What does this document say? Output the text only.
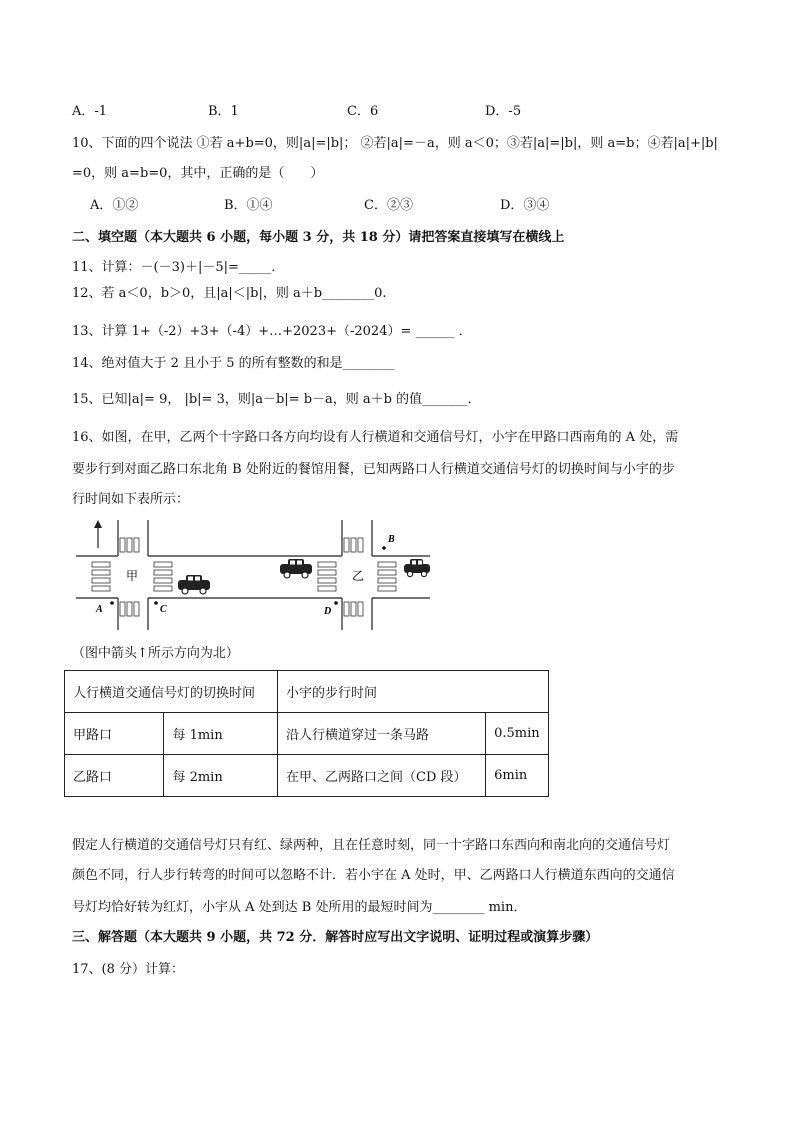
A．-1	B．1	C．6	D．-5
10、下面的四个说法 ①若 a+b=0，则|a|=|b|； ②若|a|=－a，则 a＜0；③若|a|=|b|，则 a=b；④若|a|+|b|
=0，则 a=b=0，其中，正确的是（　　）
A．①②	B．①④	C．②③	D．③④
二、填空题（本大题共 6 小题，每小题 3 分，共 18 分）请把答案直接填写在横线上
11、计算：－(－3)＋|－5|=_____．
12、若 a＜0，b＞0，且|a|＜|b|，则 a＋b________0.
13、计算 1+（-2）+3+（-4）+…+2023+（-2024）= ______ ．
14、绝对值大于 2 且小于 5 的所有整数的和是________
15、已知|a|= 9， |b|= 3，则|a－b|= b－a，则 a＋b 的值_______．
16、如图，在甲，乙两个十字路口各方向均设有人行横道和交通信号灯，小宇在甲路口西南角的 A 处，需
要步行到对面乙路口东北角 B 处附近的餐馆用餐，已知两路口人行横道交通信号灯的切换时间与小宇的步
行时间如下表所示：
A
B
C	D
甲	乙
（图中箭头↑所示方向为北）
人行横道交通信号灯的切换时间		小宇的步行时间	
甲路口	每 1min	沿人行横道穿过一条马路	0.5min
乙路口	每 2min	在甲、乙两路口之间（CD 段）	6min
假定人行横道的交通信号灯只有红、绿两种，且在任意时刻，同一十字路口东西向和南北向的交通信号灯
颜色不同，行人步行转弯的时间可以忽略不计．若小宇在 A 处时，甲、乙两路口人行横道东西向的交通信
号灯均恰好转为红灯，小宇从 A 处到达 B 处所用的最短时间为________ min．
三、解答题（本大题共 9 小题，共 72 分．解答时应写出文字说明、证明过程或演算步骤）
17、(8 分）计算：
